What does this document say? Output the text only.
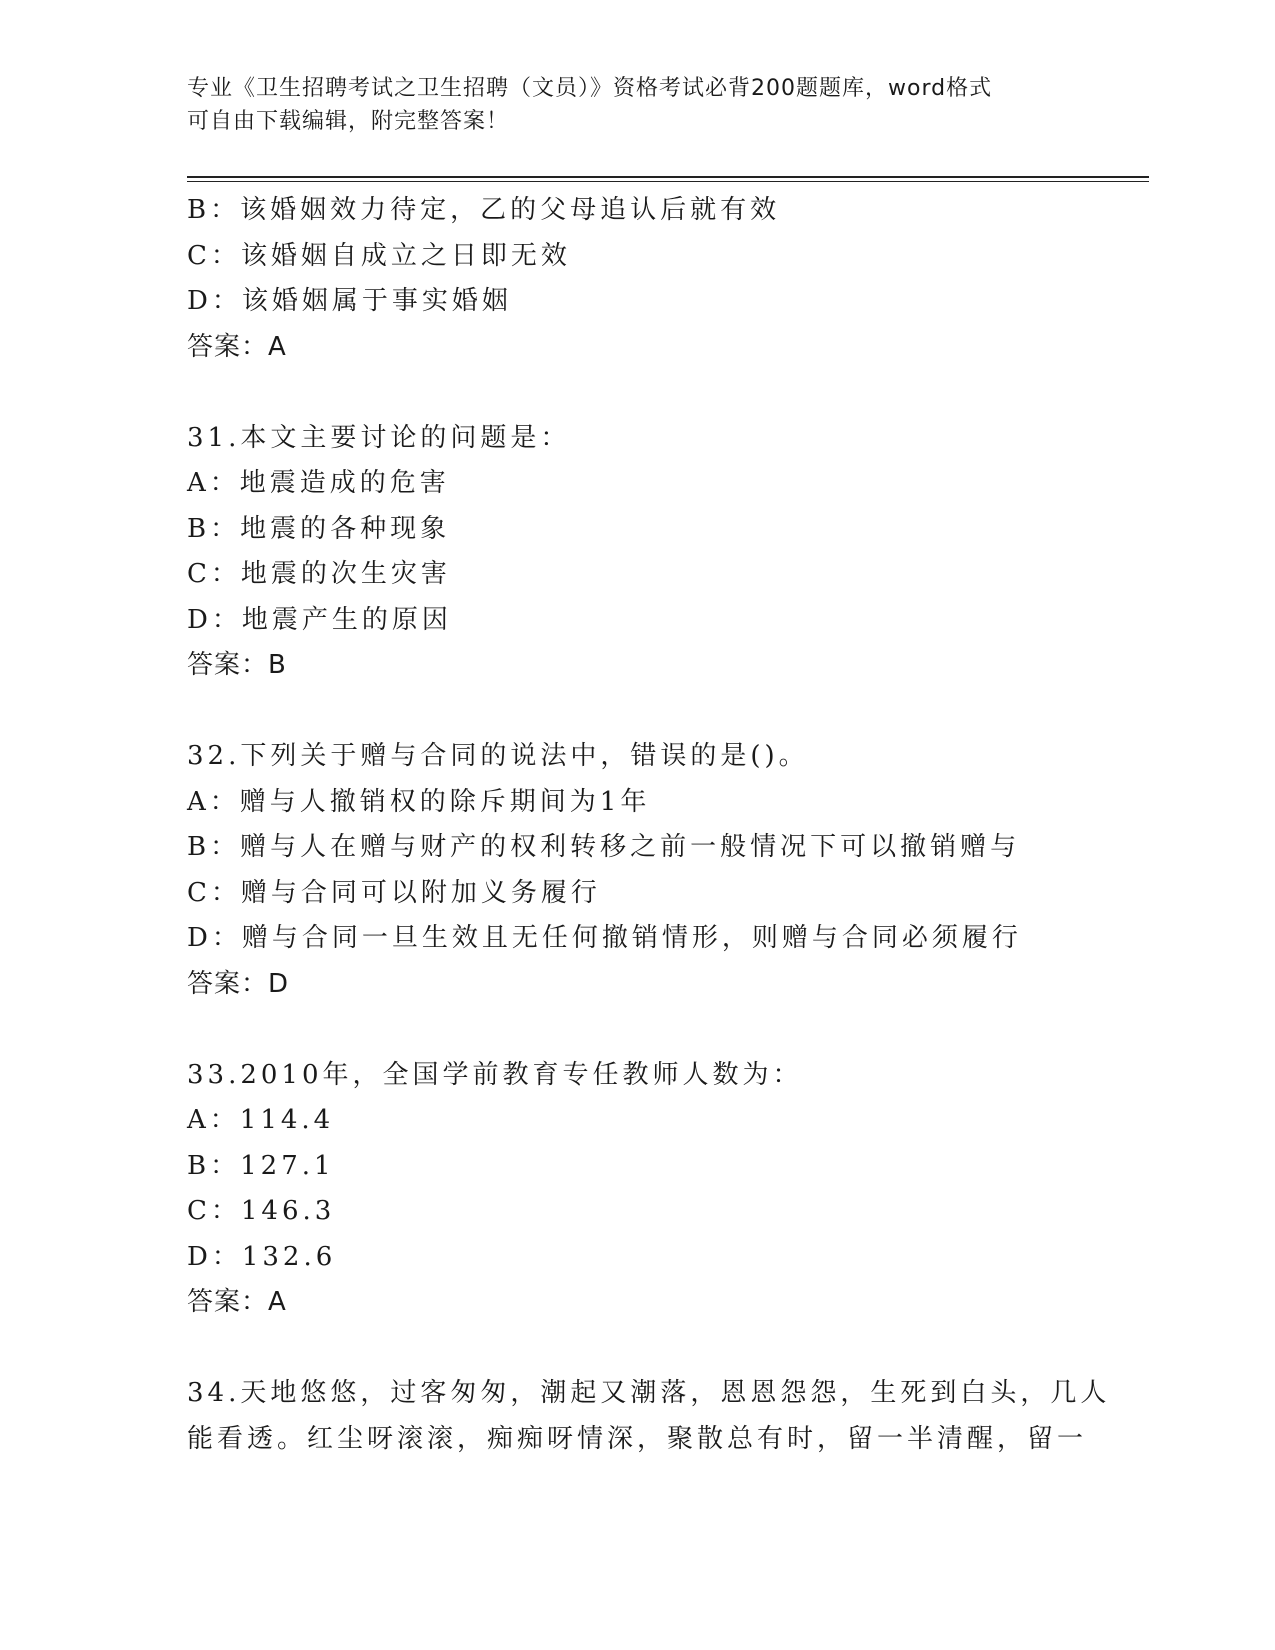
专业《卫生招聘考试之卫生招聘（文员）》资格考试必背200题题库，word格式
可自由下载编辑，附完整答案！
B：该婚姻效力待定，乙的父母追认后就有效
C：该婚姻自成立之日即无效
D：该婚姻属于事实婚姻
答案：A
31.本文主要讨论的问题是：
A：地震造成的危害
B：地震的各种现象
C：地震的次生灾害
D：地震产生的原因
答案：B
32.下列关于赠与合同的说法中，错误的是()。
A：赠与人撤销权的除斥期间为1年
B：赠与人在赠与财产的权利转移之前一般情况下可以撤销赠与
C：赠与合同可以附加义务履行
D：赠与合同一旦生效且无任何撤销情形，则赠与合同必须履行
答案：D
33.2010年，全国学前教育专任教师人数为：
A：114.4
B：127.1
C：146.3
D：132.6
答案：A
34.天地悠悠，过客匆匆，潮起又潮落，恩恩怨怨，生死到白头，几人
能看透。红尘呀滚滚，痴痴呀情深，聚散总有时，留一半清醒，留一
